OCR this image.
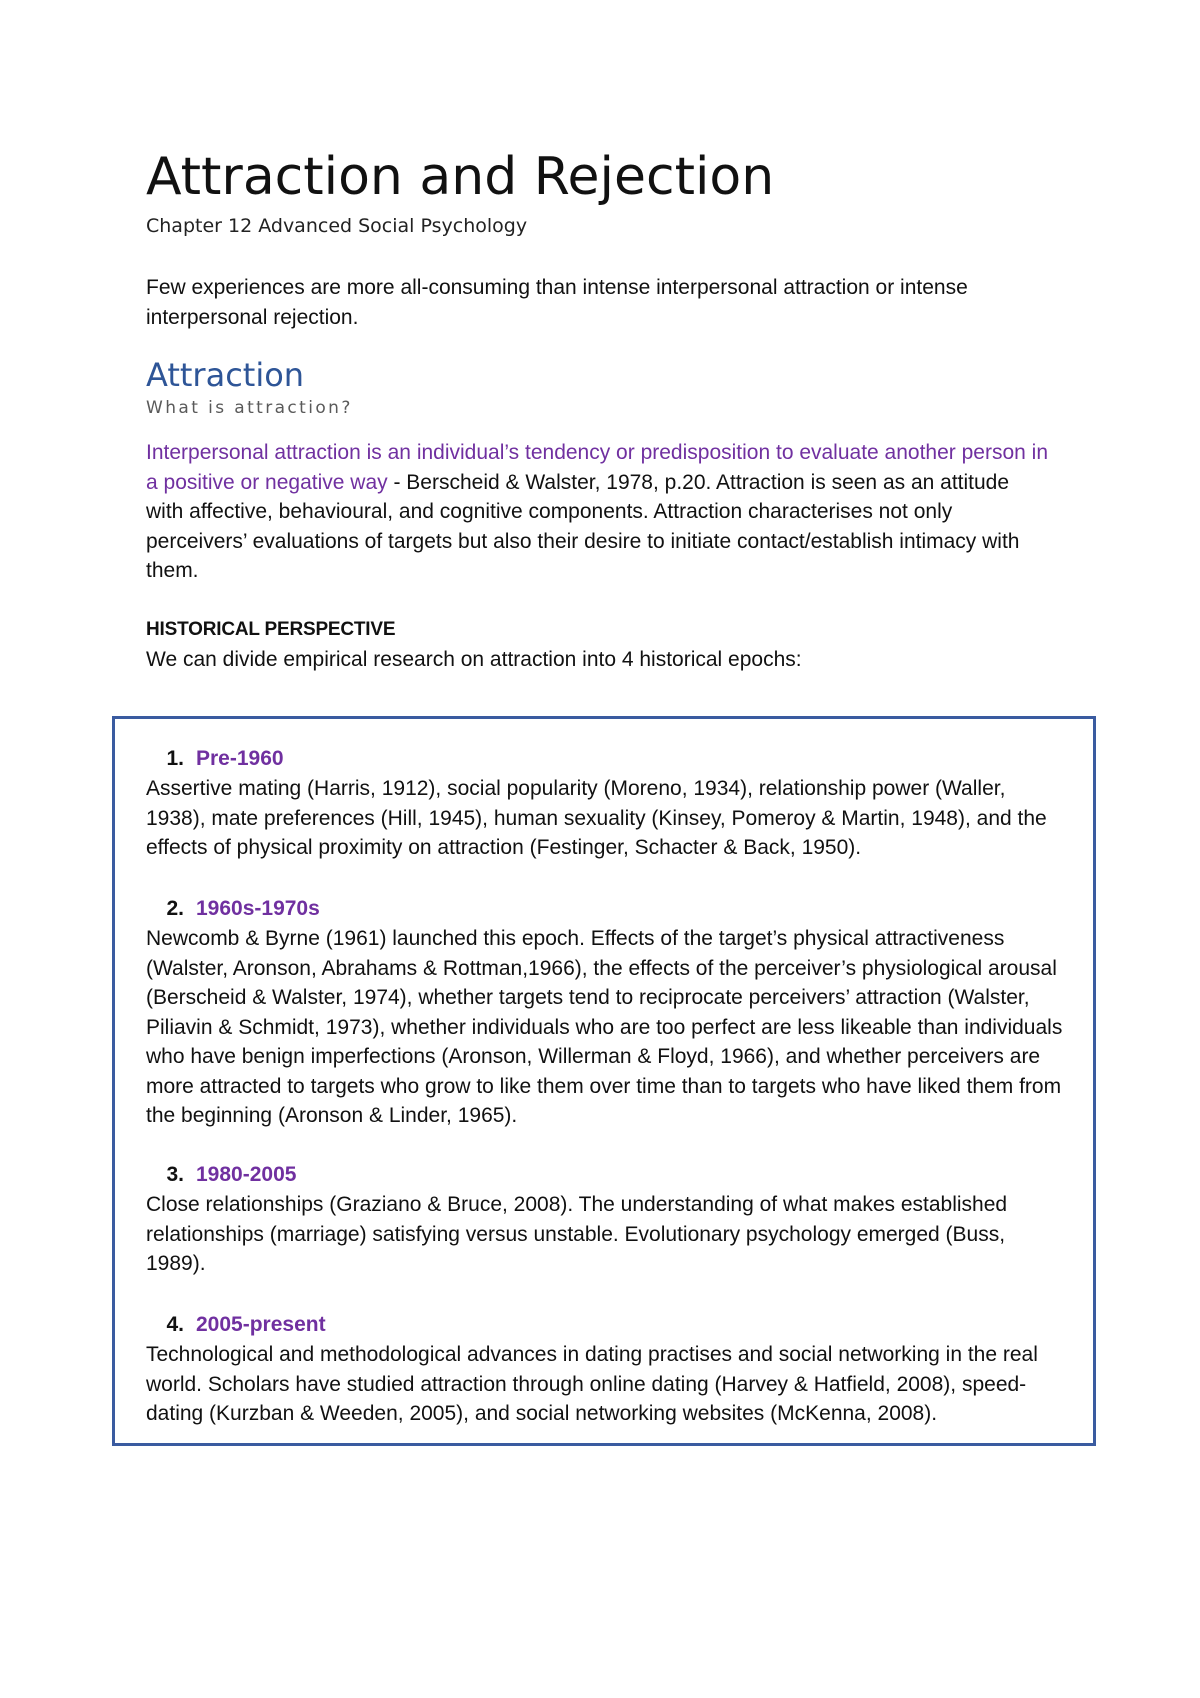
Attraction and Rejection
Chapter 12 Advanced Social Psychology

Few experiences are more all-consuming than intense interpersonal attraction or intense interpersonal rejection.

Attraction
What is attraction?

Interpersonal attraction is an individual’s tendency or predisposition to evaluate another person in a positive or negative way - Berscheid & Walster, 1978, p.20. Attraction is seen as an attitude with affective, behavioural, and cognitive components. Attraction characterises not only perceivers’ evaluations of targets but also their desire to initiate contact/establish intimacy with them.

HISTORICAL PERSPECTIVE

We can divide empirical research on attraction into 4 historical epochs:

1. Pre-1960

Assertive mating (Harris, 1912), social popularity (Moreno, 1934), relationship power (Waller, 1938), mate preferences (Hill, 1945), human sexuality (Kinsey, Pomeroy & Martin, 1948), and the effects of physical proximity on attraction (Festinger, Schacter & Back, 1950).

2. 1960s-1970s

Newcomb & Byrne (1961) launched this epoch. Effects of the target’s physical attractiveness (Walster, Aronson, Abrahams & Rottman,1966), the effects of the perceiver’s physiological arousal (Berscheid & Walster, 1974), whether targets tend to reciprocate perceivers’ attraction (Walster, Piliavin & Schmidt, 1973), whether individuals who are too perfect are less likeable than individuals who have benign imperfections (Aronson, Willerman & Floyd, 1966), and whether perceivers are more attracted to targets who grow to like them over time than to targets who have liked them from the beginning (Aronson & Linder, 1965).

3. 1980-2005

Close relationships (Graziano & Bruce, 2008). The understanding of what makes established relationships (marriage) satisfying versus unstable. Evolutionary psychology emerged (Buss, 1989).

4. 2005-present

Technological and methodological advances in dating practises and social networking in the real world. Scholars have studied attraction through online dating (Harvey & Hatfield, 2008), speed-dating (Kurzban & Weeden, 2005), and social networking websites (McKenna, 2008).
